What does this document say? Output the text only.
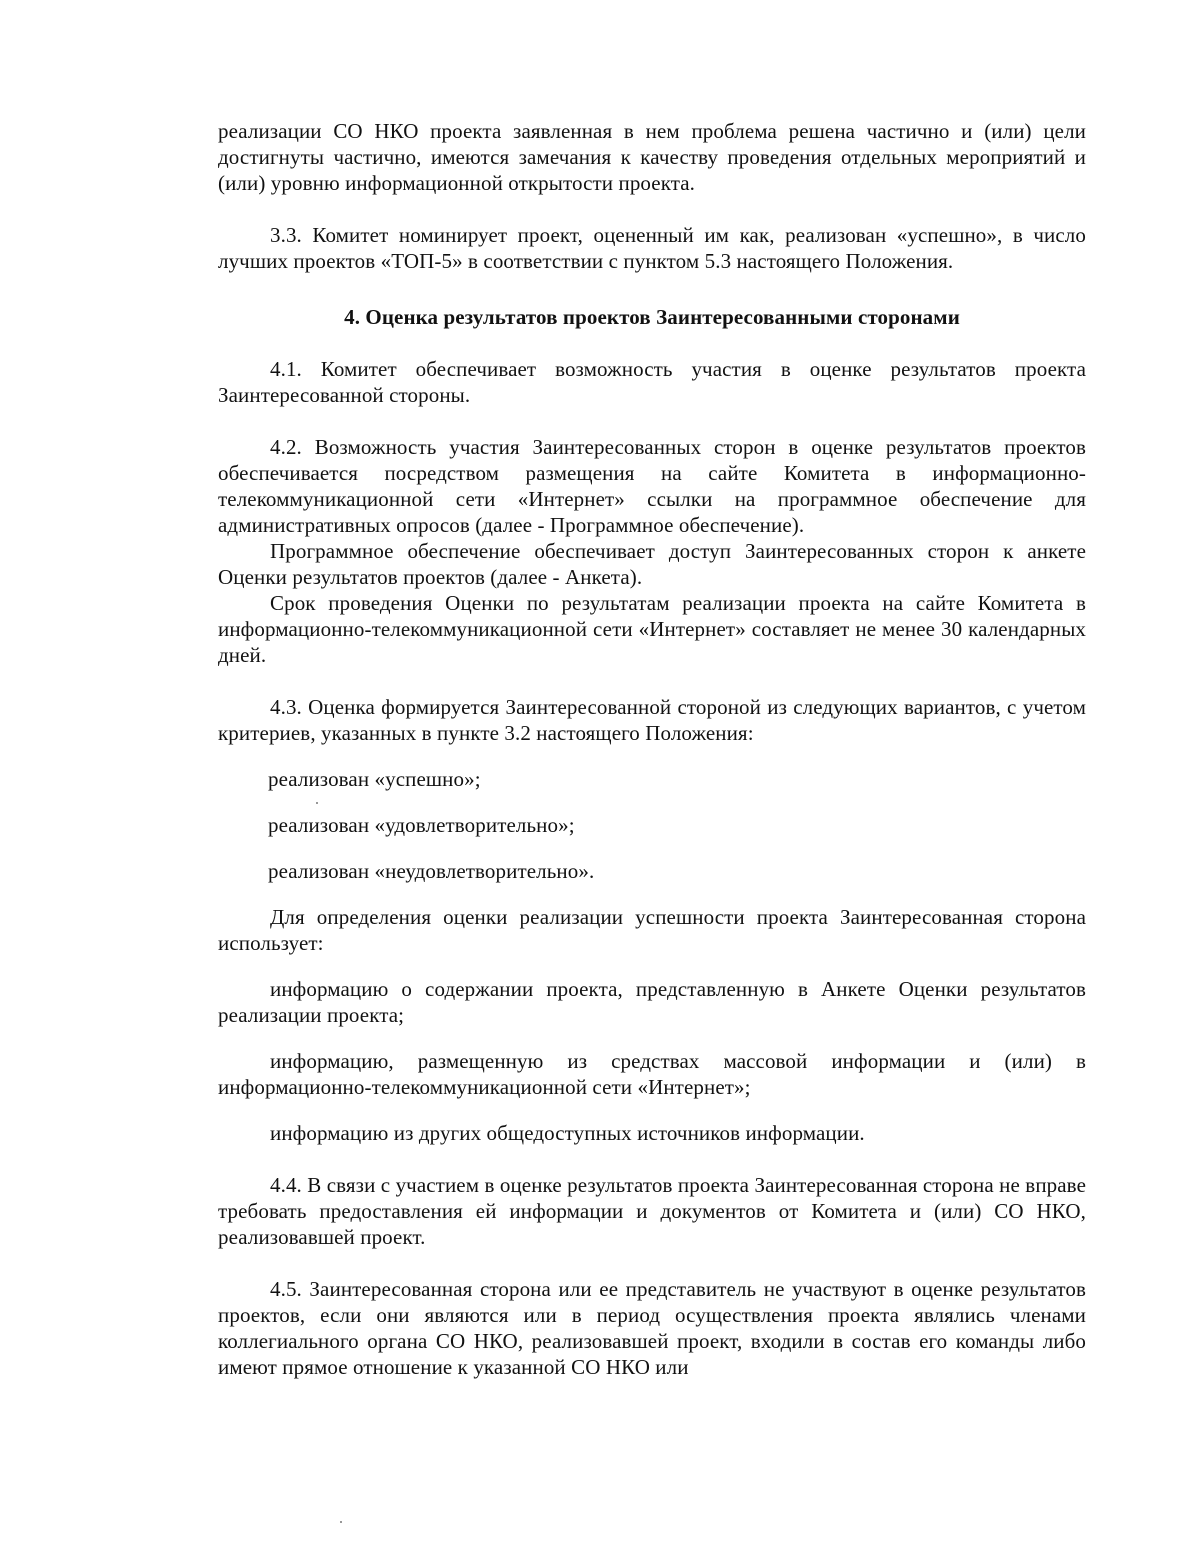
реализации СО НКО проекта заявленная в нем проблема решена частично и (или) цели достигнуты частично, имеются замечания к качеству проведения отдельных мероприятий и (или) уровню информационной открытости проекта.

3.3. Комитет номинирует проект, оцененный им как, реализован «успешно», в число лучших проектов «ТОП-5» в соответствии с пунктом 5.3 настоящего Положения.

4. Оценка результатов проектов Заинтересованными сторонами

4.1. Комитет обеспечивает возможность участия в оценке результатов проекта Заинтересованной стороны.

4.2. Возможность участия Заинтересованных сторон в оценке результатов проектов обеспечивается посредством размещения на сайте Комитета в информационно-телекоммуникационной сети «Интернет» ссылки на программное обеспечение для административных опросов (далее - Программное обеспечение).

Программное обеспечение обеспечивает доступ Заинтересованных сторон к анкете Оценки результатов проектов (далее - Анкета).

Срок проведения Оценки по результатам реализации проекта на сайте Комитета в информационно-телекоммуникационной сети «Интернет» составляет не менее 30 календарных дней.

4.3. Оценка формируется Заинтересованной стороной из следующих вариантов, с учетом критериев, указанных в пункте 3.2 настоящего Положения:

реализован «успешно»;

реализован «удовлетворительно»;

реализован «неудовлетворительно».

Для определения оценки реализации успешности проекта Заинтересованная сторона использует:

информацию о содержании проекта, представленную в Анкете Оценки результатов реализации проекта;

информацию, размещенную из средствах массовой информации и (или) в информационно-телекоммуникационной сети «Интернет»;

информацию из других общедоступных источников информации.

4.4. В связи с участием в оценке результатов проекта Заинтересованная сторона не вправе требовать предоставления ей информации и документов от Комитета и (или) СО НКО, реализовавшей проект.

4.5. Заинтересованная сторона или ее представитель не участвуют в оценке результатов проектов, если они являются или в период осуществления проекта являлись членами коллегиального органа СО НКО, реализовавшей проект, входили в состав его команды либо имеют прямое отношение к указанной СО НКО или
